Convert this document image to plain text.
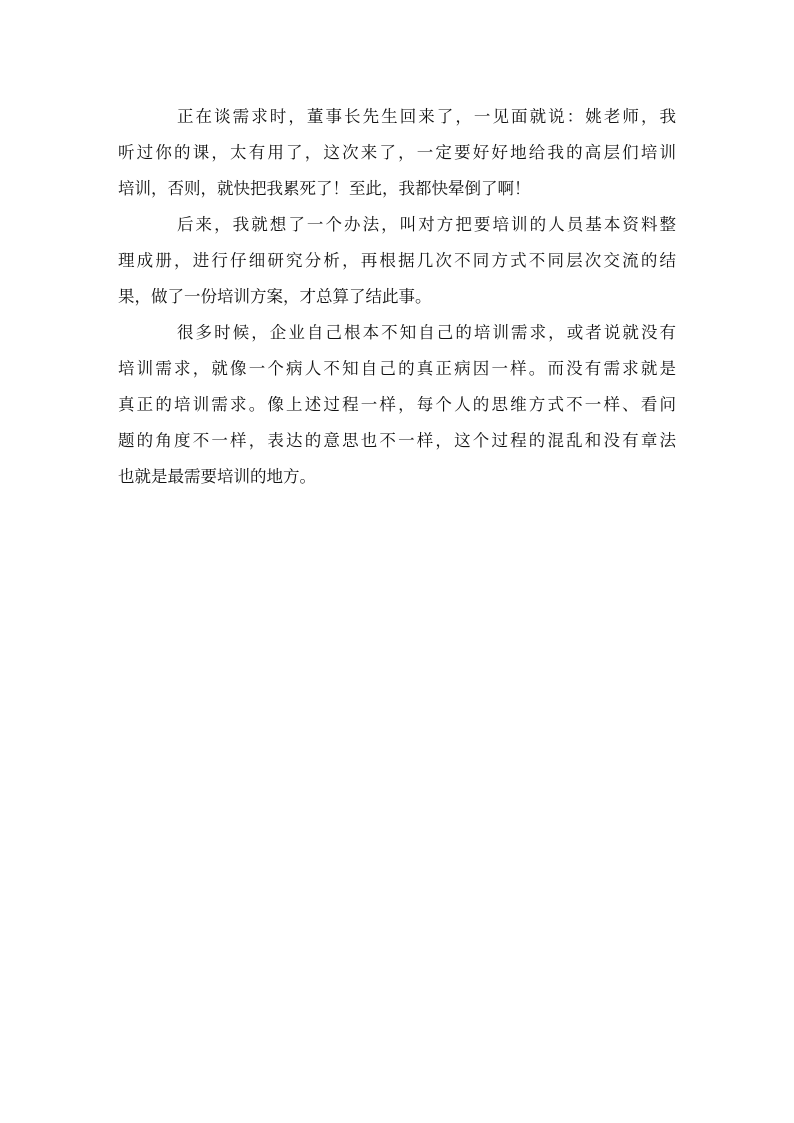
正在谈需求时，董事长先生回来了，一见面就说：姚老师，我
听过你的课，太有用了，这次来了，一定要好好地给我的高层们培训
培训，否则，就快把我累死了！至此，我都快晕倒了啊！
后来，我就想了一个办法，叫对方把要培训的人员基本资料整
理成册，进行仔细研究分析，再根据几次不同方式不同层次交流的结
果，做了一份培训方案，才总算了结此事。
很多时候，企业自己根本不知自己的培训需求，或者说就没有
培训需求，就像一个病人不知自己的真正病因一样。而没有需求就是
真正的培训需求。像上述过程一样，每个人的思维方式不一样、看问
题的角度不一样，表达的意思也不一样，这个过程的混乱和没有章法
也就是最需要培训的地方。
